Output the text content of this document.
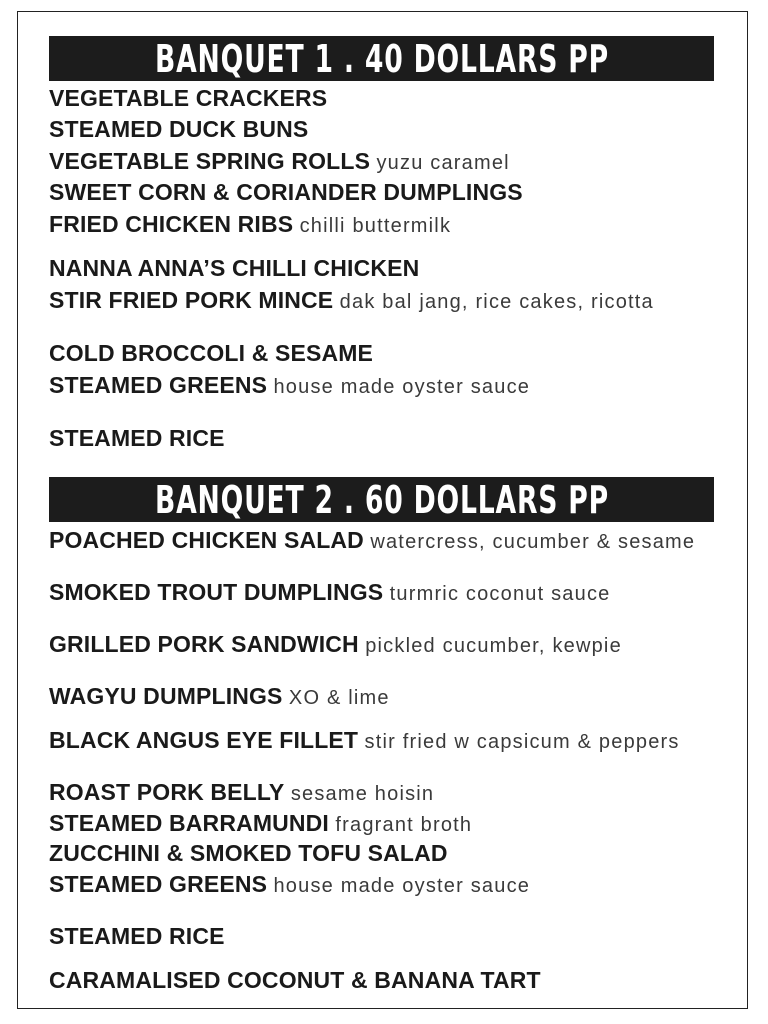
BANQUET 1 . 40 DOLLARS PP
VEGETABLE CRACKERS
STEAMED DUCK BUNS
VEGETABLE SPRING ROLLS yuzu caramel
SWEET CORN & CORIANDER DUMPLINGS
FRIED CHICKEN RIBS chilli buttermilk
NANNA ANNA’S CHILLI CHICKEN
STIR FRIED PORK MINCE dak bal jang, rice cakes, ricotta
COLD BROCCOLI & SESAME
STEAMED GREENS house made oyster sauce
STEAMED RICE
BANQUET 2 . 60 DOLLARS PP
POACHED CHICKEN SALAD watercress, cucumber & sesame
SMOKED TROUT DUMPLINGS turmric coconut sauce
GRILLED PORK SANDWICH pickled cucumber, kewpie
WAGYU DUMPLINGS XO & lime
BLACK ANGUS EYE FILLET stir fried w capsicum & peppers
ROAST PORK BELLY sesame hoisin
STEAMED BARRAMUNDI fragrant broth
ZUCCHINI & SMOKED TOFU SALAD
STEAMED GREENS house made oyster sauce
STEAMED RICE
CARAMALISED COCONUT & BANANA TART
